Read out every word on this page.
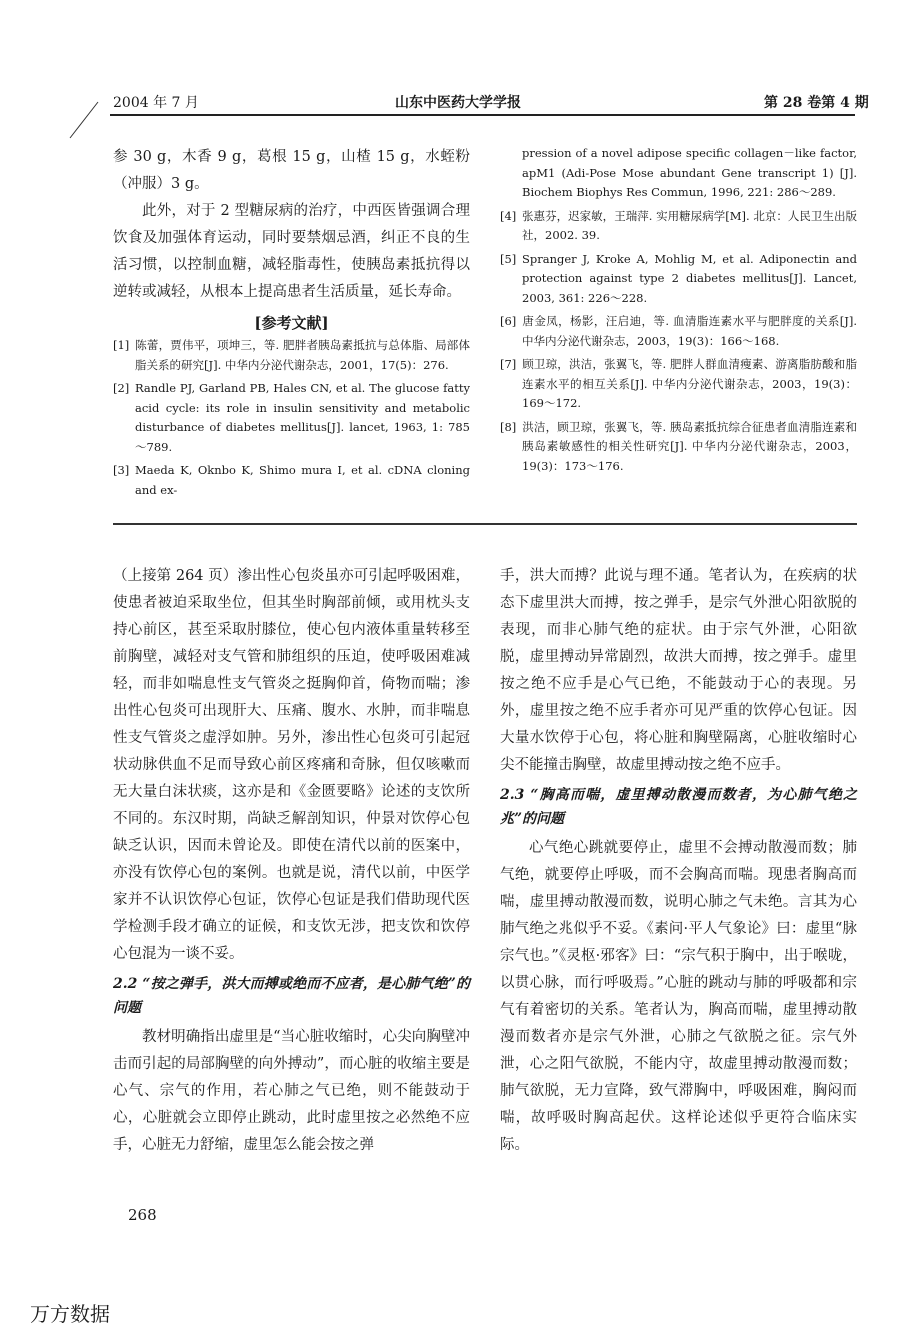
2004 年 7 月	山东中医药大学学报	第 28 卷第 4 期

参 30 g，木香 9 g，葛根 15 g，山楂 15 g，水蛭粉（冲服）3 g。

此外，对于 2 型糖尿病的治疗，中西医皆强调合理饮食及加强体育运动，同时要禁烟忌酒，纠正不良的生活习惯，以控制血糖，减轻脂毒性，使胰岛素抵抗得以逆转或减轻，从根本上提高患者生活质量，延长寿命。

[参考文献]

[1] 陈蕾，贾伟平，项坤三，等. 肥胖者胰岛素抵抗与总体脂、局部体脂关系的研究[J]. 中华内分泌代谢杂志，2001，17(5)：276.

[2] Randle PJ, Garland PB, Hales CN, et al. The glucose fatty acid cycle: its role in insulin sensitivity and metabolic disturbance of diabetes mellitus[J]. lancet, 1963, 1: 785～789.

[3] Maeda K, Oknbo K, Shimo mura I, et al. cDNA cloning and ex-

pression of a novel adipose specific collagen－like factor, apM1 (Adi-Pose Mose abundant Gene transcript 1) [J]. Biochem Biophys Res Commun, 1996, 221: 286～289.

[4] 张惠芬，迟家敏，王瑞萍. 实用糖尿病学[M]. 北京：人民卫生出版社，2002. 39.

[5] Spranger J, Kroke A, Mohlig M, et al. Adiponectin and protection against type 2 diabetes mellitus[J]. Lancet, 2003, 361: 226～228.

[6] 唐金凤，杨影，汪启迪，等. 血清脂连素水平与肥胖度的关系[J]. 中华内分泌代谢杂志，2003，19(3)：166～168.

[7] 顾卫琼，洪洁，张翼飞，等. 肥胖人群血清瘦素、游离脂肪酸和脂连素水平的相互关系[J]. 中华内分泌代谢杂志，2003，19(3)：169～172.

[8] 洪洁，顾卫琼，张翼飞，等. 胰岛素抵抗综合征患者血清脂连素和胰岛素敏感性的相关性研究[J]. 中华内分泌代谢杂志，2003，19(3)：173～176.

（上接第 264 页）渗出性心包炎虽亦可引起呼吸困难，使患者被迫采取坐位，但其坐时胸部前倾，或用枕头支持心前区，甚至采取肘膝位，使心包内液体重量转移至前胸壁，减轻对支气管和肺组织的压迫，使呼吸困难减轻，而非如喘息性支气管炎之挺胸仰首，倚物而喘；渗出性心包炎可出现肝大、压痛、腹水、水肿，而非喘息性支气管炎之虚浮如肿。另外，渗出性心包炎可引起冠状动脉供血不足而导致心前区疼痛和奇脉，但仅咳嗽而无大量白沫状痰，这亦是和《金匮要略》论述的支饮所不同的。东汉时期，尚缺乏解剖知识，仲景对饮停心包缺乏认识，因而未曾论及。即使在清代以前的医案中，亦没有饮停心包的案例。也就是说，清代以前，中医学家并不认识饮停心包证，饮停心包证是我们借助现代医学检测手段才确立的证候，和支饮无涉，把支饮和饮停心包混为一谈不妥。

2.2 “按之弹手，洪大而搏或绝而不应者，是心肺气绝”的问题

教材明确指出虚里是“当心脏收缩时，心尖向胸壁冲击而引起的局部胸壁的向外搏动”，而心脏的收缩主要是心气、宗气的作用，若心肺之气已绝，则不能鼓动于心，心脏就会立即停止跳动，此时虚里按之必然绝不应手，心脏无力舒缩，虚里怎么能会按之弹

手，洪大而搏？此说与理不通。笔者认为，在疾病的状态下虚里洪大而搏，按之弹手，是宗气外泄心阳欲脱的表现，而非心肺气绝的症状。由于宗气外泄，心阳欲脱，虚里搏动异常剧烈，故洪大而搏，按之弹手。虚里按之绝不应手是心气已绝，不能鼓动于心的表现。另外，虚里按之绝不应手者亦可见严重的饮停心包证。因大量水饮停于心包，将心脏和胸壁隔离，心脏收缩时心尖不能撞击胸壁，故虚里搏动按之绝不应手。

2.3 “胸高而喘，虚里搏动散漫而数者，为心肺气绝之兆”的问题

心气绝心跳就要停止，虚里不会搏动散漫而数；肺气绝，就要停止呼吸，而不会胸高而喘。现患者胸高而喘，虚里搏动散漫而数，说明心肺之气未绝。言其为心肺气绝之兆似乎不妥。《素问·平人气象论》曰：虚里“脉宗气也。”《灵枢·邪客》曰：“宗气积于胸中，出于喉咙，以贯心脉，而行呼吸焉。”心脏的跳动与肺的呼吸都和宗气有着密切的关系。笔者认为，胸高而喘，虚里搏动散漫而数者亦是宗气外泄，心肺之气欲脱之征。宗气外泄，心之阳气欲脱，不能内守，故虚里搏动散漫而数；肺气欲脱，无力宣降，致气滞胸中，呼吸困难，胸闷而喘，故呼吸时胸高起伏。这样论述似乎更符合临床实际。

268
万方数据
